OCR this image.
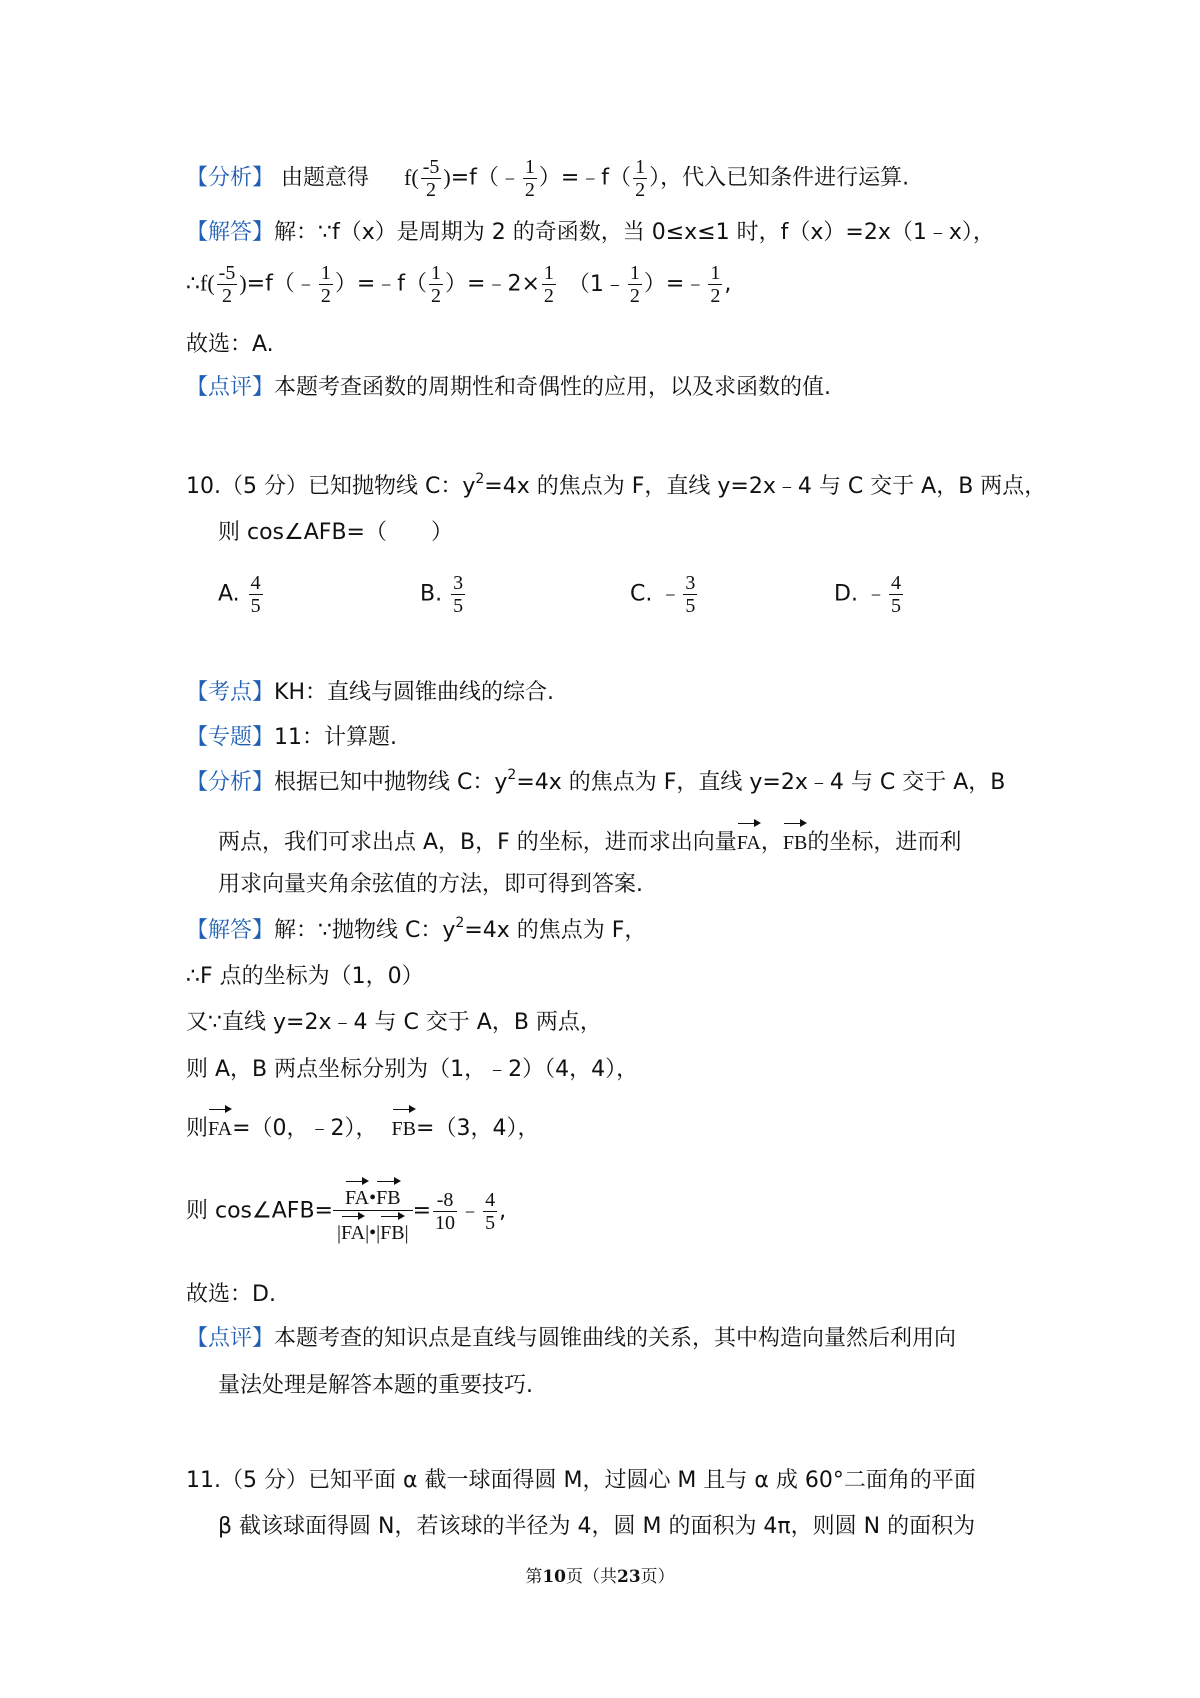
【分析】 由题意得 $f( \frac{-5}{2}$ )=f（﹣ $\frac{1}{2}$ ）=﹣f（ $\frac{1}{2}$ ），代入已知条件进行运算.
【解答】解：∵f（x）是周期为 2 的奇函数，当 0≤x≤1 时，f（x）=2x（1﹣x），
∴f( $\frac{-5}{2}$ )=f（﹣ $\frac{1}{2}$ ）=﹣f（ $\frac{1}{2}$ ）=﹣2× $\frac{1}{2}$ （1﹣ $\frac{1}{2}$ ）=﹣ $\frac{1}{2}$ ,
故选：A.
【点评】本题考查函数的周期性和奇偶性的应用，以及求函数的值.
10.（5 分）已知抛物线 C：$y^2=4x$ 的焦点为 F，直线 y=2x﹣4 与 C 交于 A，B 两点，
则 cos∠AFB=（　　）
A. $\frac{4}{5}$	B. $\frac{3}{5}$	C. ﹣ $\frac{3}{5}$	D. ﹣ $\frac{4}{5}$
【考点】KH：直线与圆锥曲线的综合.
【专题】11：计算题.
【分析】根据已知中抛物线 C：$y^2=4x$ 的焦点为 F，直线 y=2x﹣4 与 C 交于 A，B
两点，我们可求出点 A，B，F 的坐标，进而求出向量FA，FB的坐标，进而利
用求向量夹角余弦值的方法，即可得到答案.
【解答】解：∵抛物线 C：$y^2=4x$ 的焦点为 F，
∴F 点的坐标为（1，0）
又∵直线 y=2x﹣4 与 C 交于 A，B 两点，
则 A，B 两点坐标分别为（1，﹣2）（4，4），
则FA=（0，﹣2）， FB=（3，4），
则 cos∠AFB= $\frac{FA•FB}{|FA|•|FB|} = \frac{-8}{10}$ ﹣ $\frac{4}{5}$ ,
故选：D.
【点评】本题考查的知识点是直线与圆锥曲线的关系，其中构造向量然后利用向
量法处理是解答本题的重要技巧.
11.（5 分）已知平面 α 截一球面得圆 M，过圆心 M 且与 α 成 60°二面角的平面
β 截该球面得圆 N，若该球的半径为 4，圆 M 的面积为 4π，则圆 N 的面积为
第10页（共23页）
